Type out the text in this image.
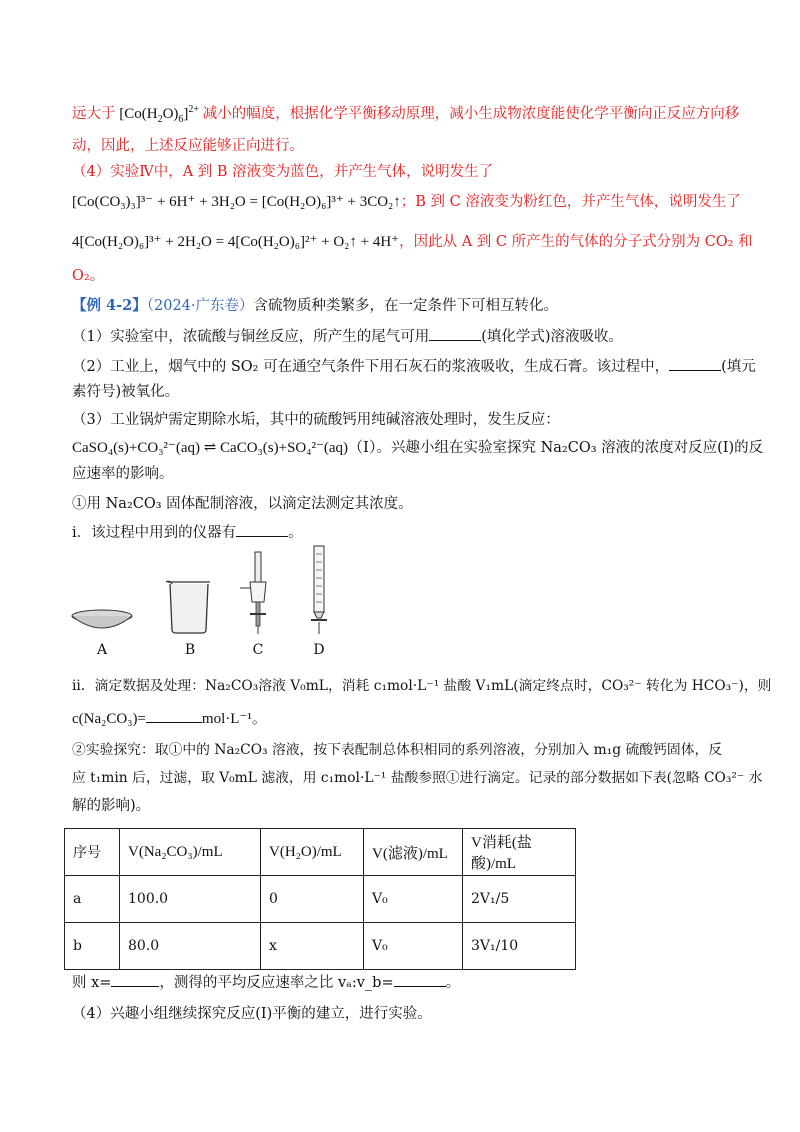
远大于 $[Co(H_2O)_6]^{2+}$ 减小的幅度，根据化学平衡移动原理，减小生成物浓度能使化学平衡向正反应方向移
动，因此，上述反应能够正向进行。
（4）实验Ⅳ中，A 到 B 溶液变为蓝色，并产生气体，说明发生了
[Co(CO₃)₃]³⁻ + 6H⁺ + 3H₂O = [Co(H₂O)₆]³⁺ + 3CO₂↑；B 到 C 溶液变为粉红色，并产生气体，说明发生了
4[Co(H₂O)₆]³⁺ + 2H₂O = 4[Co(H₂O)₆]²⁺ + O₂↑ + 4H⁺，因此从 A 到 C 所产生的气体的分子式分别为 CO₂ 和
O₂。
【例 4-2】（2024·广东卷）含硫物质种类繁多，在一定条件下可相互转化。
（1）实验室中，浓硫酸与铜丝反应，所产生的尾气可用	(填化学式)溶液吸收。
（2）工业上，烟气中的 SO₂ 可在通空气条件下用石灰石的浆液吸收，生成石膏。该过程中，	(填元
素符号)被氧化。
（3）工业锅炉需定期除水垢，其中的硫酸钙用纯碱溶液处理时，发生反应：
CaSO₄(s)+CO₃²⁻(aq) ⇌ CaCO₃(s)+SO₄²⁻(aq)（Ⅰ）。兴趣小组在实验室探究 Na₂CO₃ 溶液的浓度对反应(Ⅰ)的反
应速率的影响。
①用 Na₂CO₃ 固体配制溶液，以滴定法测定其浓度。
i．该过程中用到的仪器有	。
A	B	C	D
ii．滴定数据及处理：Na₂CO₃溶液 V₀mL，消耗 c₁mol·L⁻¹ 盐酸 V₁mL(滴定终点时，CO₃²⁻ 转化为 HCO₃⁻)，则
c(Na₂CO₃)=	mol·L⁻¹。
②实验探究：取①中的 Na₂CO₃ 溶液，按下表配制总体积相同的系列溶液，分别加入 m₁g 硫酸钙固体，反
应 t₁min 后，过滤，取 V₀mL 滤液，用 c₁mol·L⁻¹ 盐酸参照①进行滴定。记录的部分数据如下表(忽略 CO₃²⁻ 水
解的影响)。
序号	V(Na₂CO₃)/mL	V(H₂O)/mL	V(滤液)/mL	V消耗(盐酸)/mL
a	100.0	0	V₀	2V₁/5
b	80.0	x	V₀	3V₁/10
则 x=	，测得的平均反应速率之比 vₐ:v_b=	。
（4）兴趣小组继续探究反应(Ⅰ)平衡的建立，进行实验。
